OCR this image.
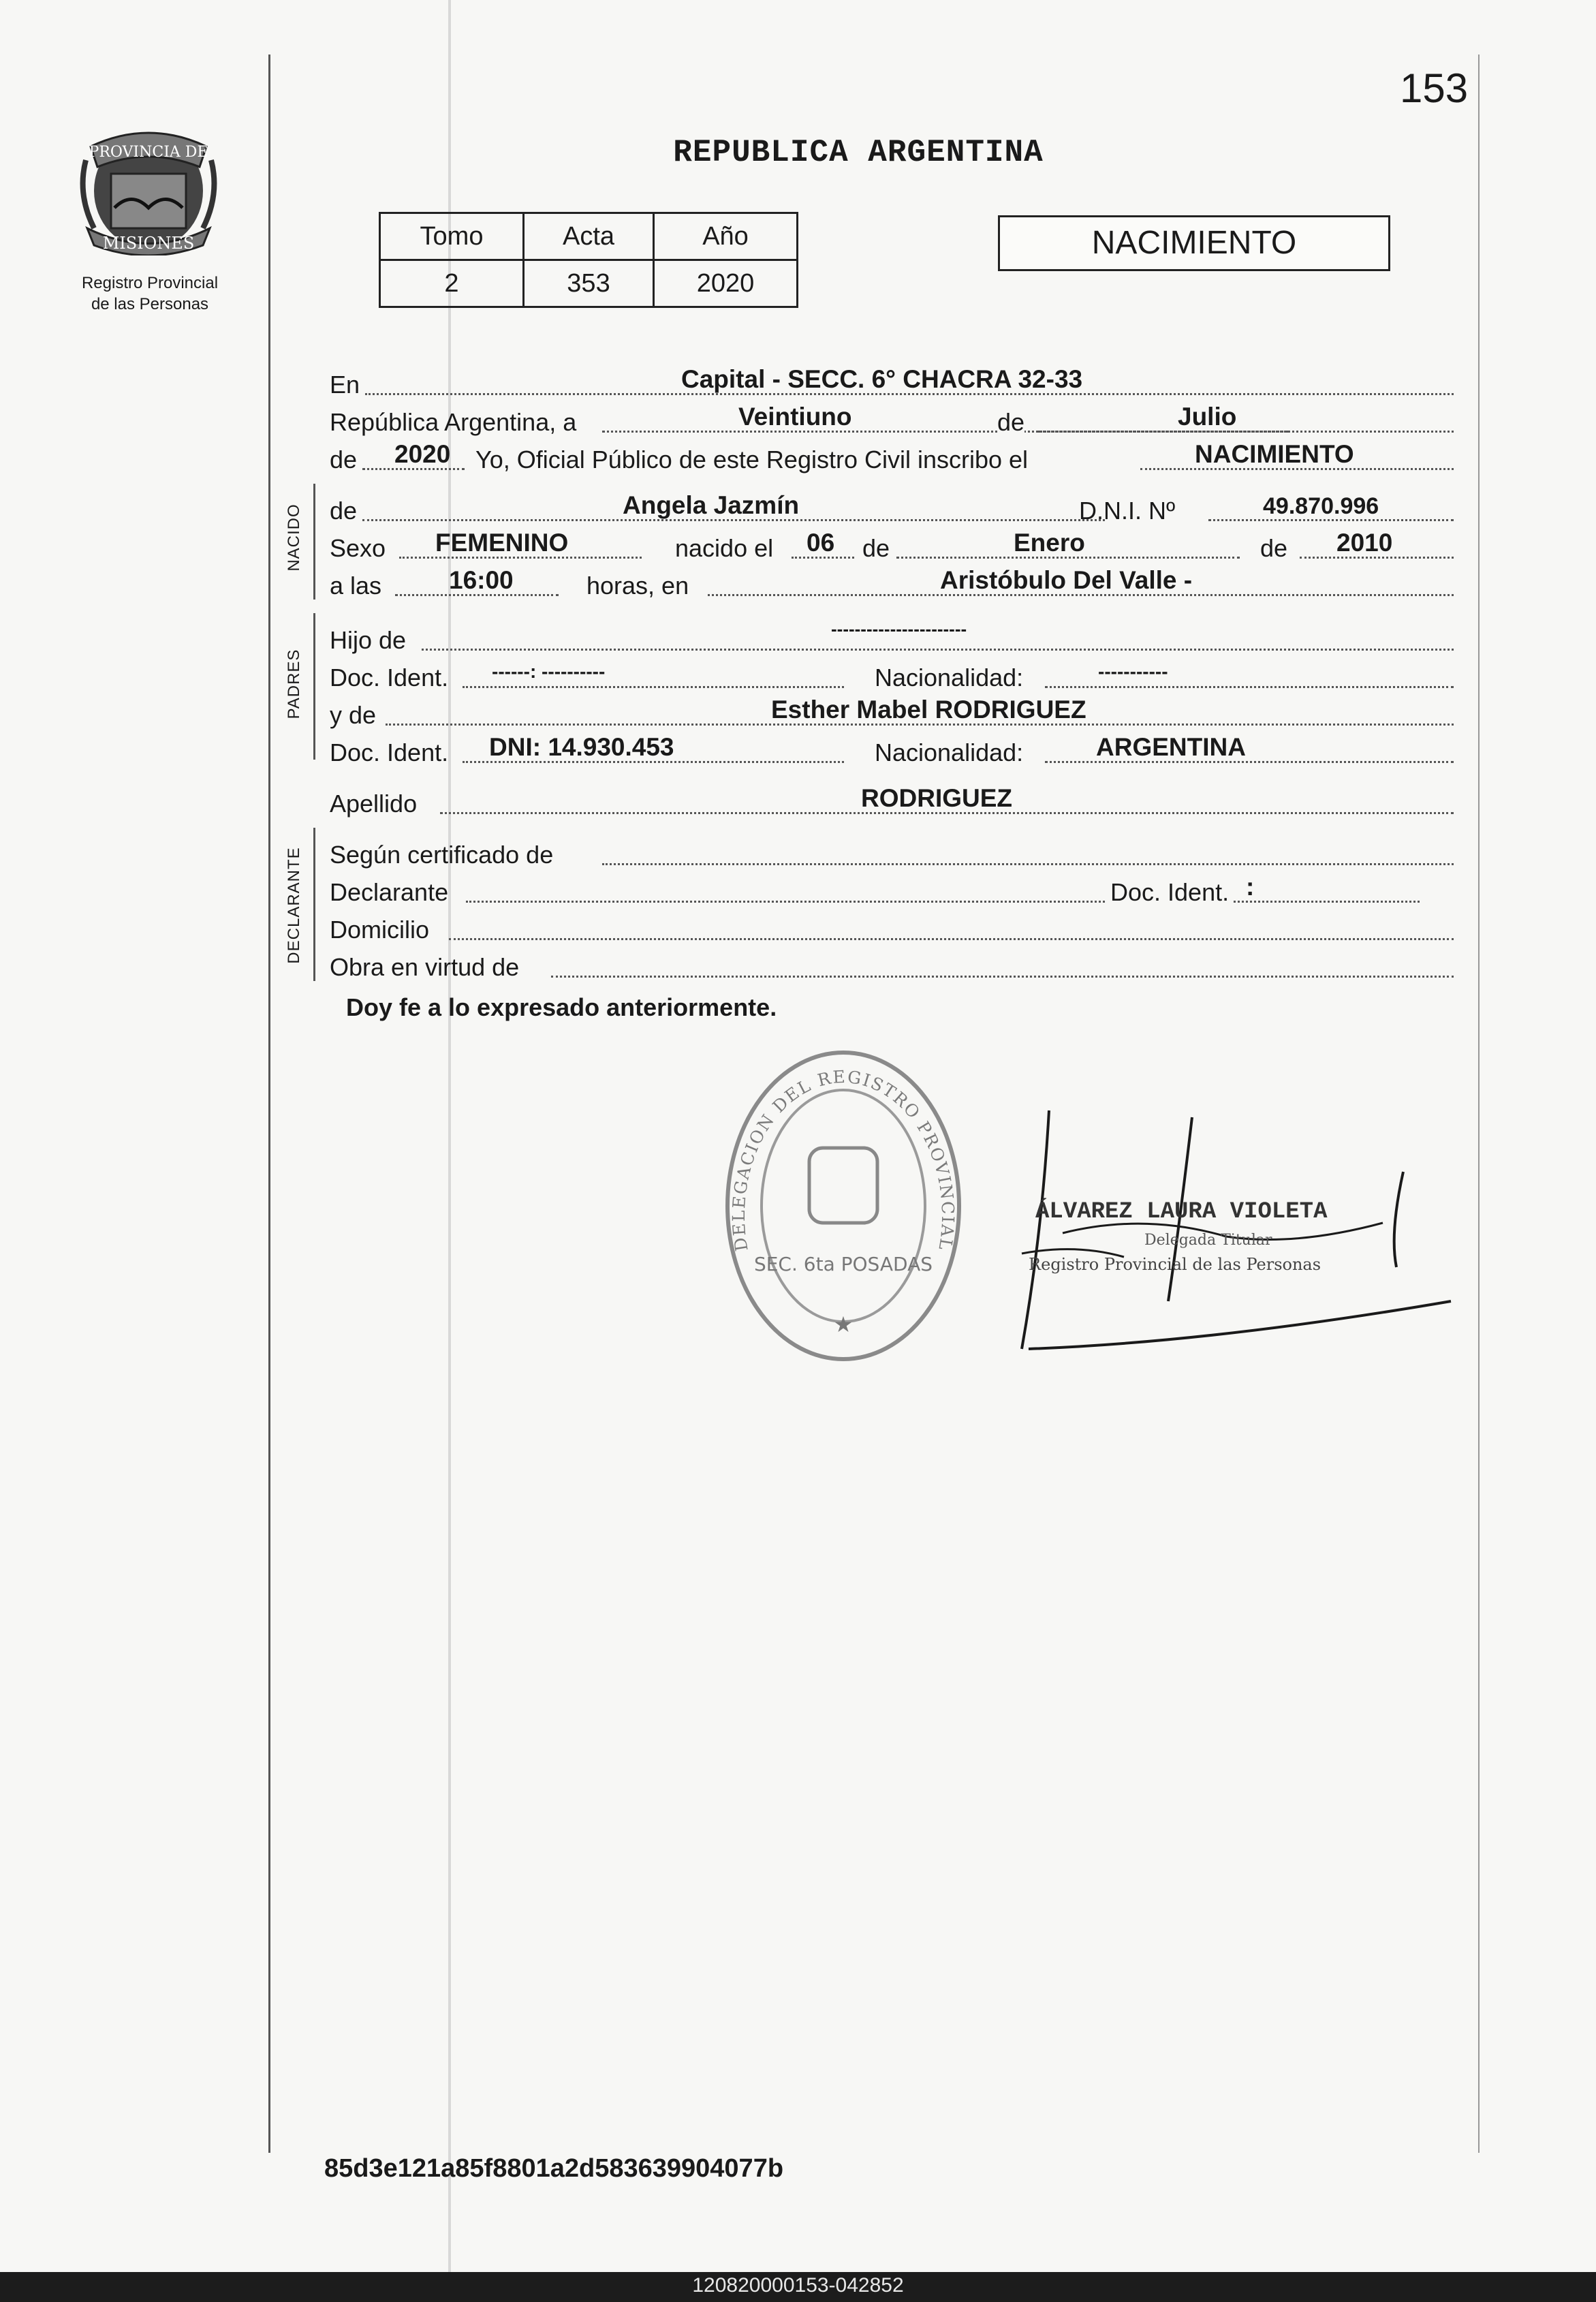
153
PROVINCIA DE
MISIONES
Registro Provincial
de las Personas
REPUBLICA ARGENTINA
Tomo	Acta	Año
2	353	2020
NACIMIENTO
En	Capital - SECC. 6° CHACRA 32-33
República Argentina, a	Veintiuno	de	Julio
de 2020 Yo, Oficial Público de este Registro Civil inscribo el	NACIMIENTO
NACIDO de	Angela Jazmín	D.N.I. Nº	49.870.996
Sexo FEMENINO	nacido el 06 de	Enero	de 2010
a las	16:00	horas, en	Aristóbulo Del Valle -
PADRES
Hijo de	-----------------------
Doc. Ident. ------: ----------	Nacionalidad:	-----------
y de	Esther Mabel RODRIGUEZ
Doc. Ident. DNI: 14.930.453	Nacionalidad:	ARGENTINA
Apellido	RODRIGUEZ
DECLARANTE Según certificado de
Declarante	Doc. Ident. :
Domicilio
Obra en virtud de
Doy fe a lo expresado anteriormente.
DELEGACION DEL REGISTRO PROVINCIAL
SEC. 6ta POSADAS
★
ÁLVAREZ LAURA VIOLETA
Delegada Titular
Registro Provincial de las Personas
85d3e121a85f8801a2d583639904077b
120820000153-042852
